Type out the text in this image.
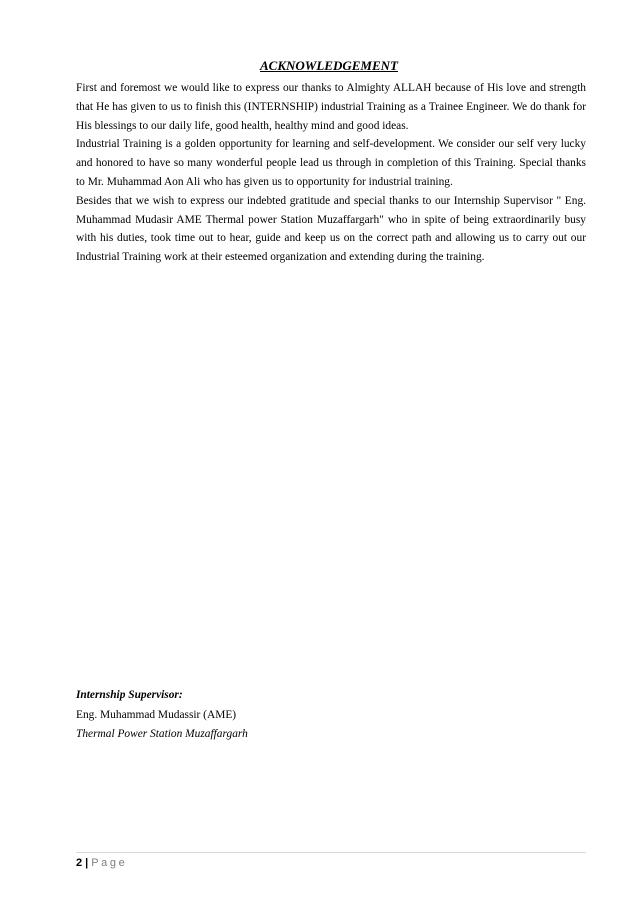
ACKNOWLEDGEMENT

First and foremost we would like to express our thanks to Almighty ALLAH because of His love and strength that He has given to us to finish this (INTERNSHIP) industrial Training as a Trainee Engineer. We do thank for His blessings to our daily life, good health, healthy mind and good ideas.

Industrial Training is a golden opportunity for learning and self-development. We consider our self very lucky and honored to have so many wonderful people lead us through in completion of this Training. Special thanks to Mr. Muhammad Aon Ali who has given us to opportunity for industrial training.

Besides that we wish to express our indebted gratitude and special thanks to our Internship Supervisor " Eng. Muhammad Mudasir AME Thermal power Station Muzaffargarh" who in spite of being extraordinarily busy with his duties, took time out to hear, guide and keep us on the correct path and allowing us to carry out our Industrial Training work at their esteemed organization and extending during the training.

Internship Supervisor:
Eng. Muhammad Mudassir (AME)
Thermal Power Station Muzaffargarh
2 | Page
